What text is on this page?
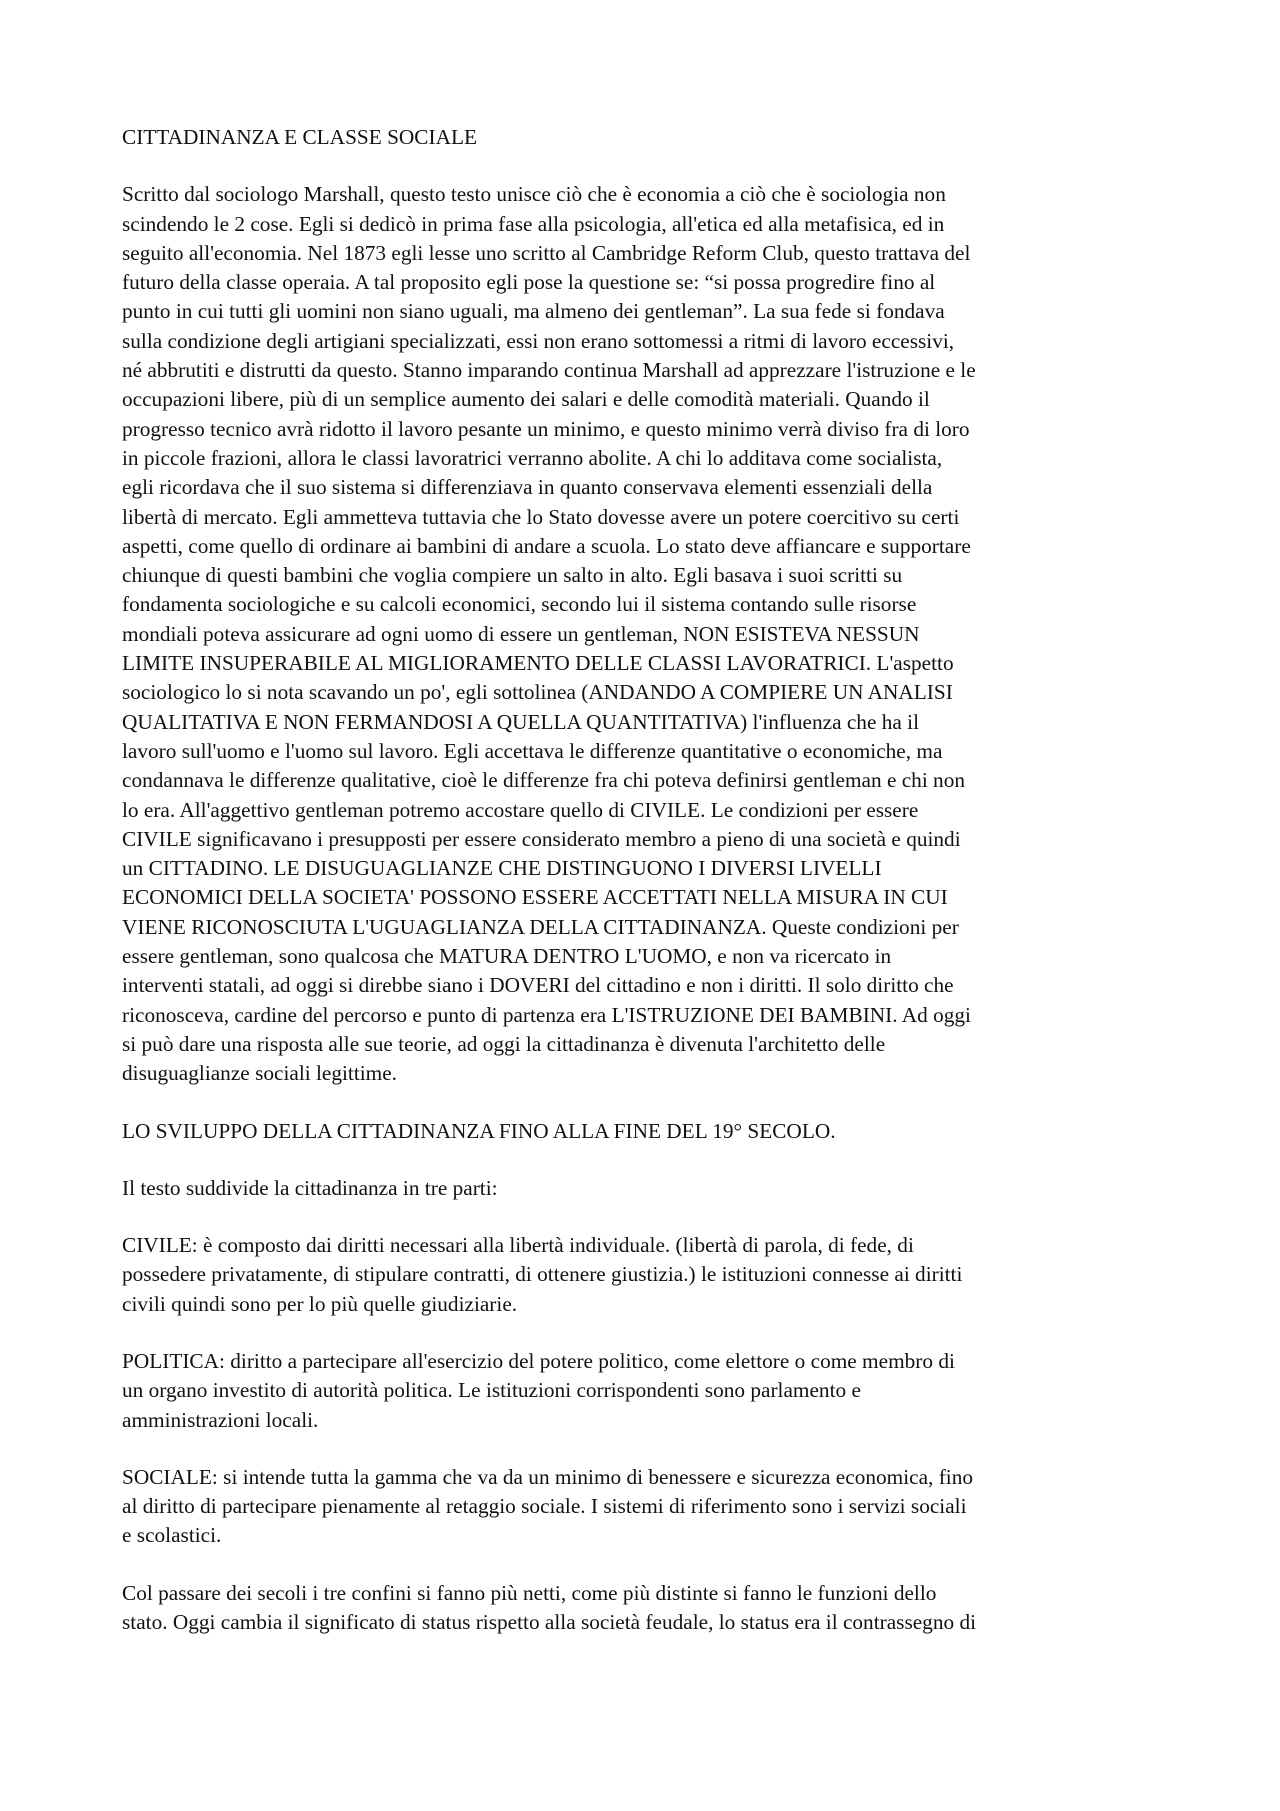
CITTADINANZA E CLASSE SOCIALE
Scritto dal sociologo Marshall, questo testo unisce ciò che è economia a ciò che è sociologia non
scindendo le 2 cose. Egli si dedicò in prima fase alla psicologia, all'etica ed alla metafisica, ed in
seguito all'economia. Nel 1873 egli lesse uno scritto al Cambridge Reform Club, questo trattava del
futuro della classe operaia. A tal proposito egli pose la questione se: “si possa progredire fino al
punto in cui tutti gli uomini non siano uguali, ma almeno dei gentleman”. La sua fede si fondava
sulla condizione degli artigiani specializzati, essi non erano sottomessi a ritmi di lavoro eccessivi,
né abbrutiti e distrutti da questo. Stanno imparando continua Marshall ad apprezzare l'istruzione e le
occupazioni libere, più di un semplice aumento dei salari e delle comodità materiali. Quando il
progresso tecnico avrà ridotto il lavoro pesante un minimo, e questo minimo verrà diviso fra di loro
in piccole frazioni, allora le classi lavoratrici verranno abolite. A chi lo additava come socialista,
egli ricordava che il suo sistema si differenziava in quanto conservava elementi essenziali della
libertà di mercato. Egli ammetteva tuttavia che lo Stato dovesse avere un potere coercitivo su certi
aspetti, come quello di ordinare ai bambini di andare a scuola. Lo stato deve affiancare e supportare
chiunque di questi bambini che voglia compiere un salto in alto. Egli basava i suoi scritti su
fondamenta sociologiche e su calcoli economici, secondo lui il sistema contando sulle risorse
mondiali poteva assicurare ad ogni uomo di essere un gentleman, NON ESISTEVA NESSUN
LIMITE INSUPERABILE AL MIGLIORAMENTO DELLE CLASSI LAVORATRICI. L'aspetto
sociologico lo si nota scavando un po', egli sottolinea (ANDANDO A COMPIERE UN ANALISI
QUALITATIVA E NON FERMANDOSI A QUELLA QUANTITATIVA) l'influenza che ha il
lavoro sull'uomo e l'uomo sul lavoro. Egli accettava le differenze quantitative o economiche, ma
condannava le differenze qualitative, cioè le differenze fra chi poteva definirsi gentleman e chi non
lo era. All'aggettivo gentleman potremo accostare quello di CIVILE. Le condizioni per essere
CIVILE significavano i presupposti per essere considerato membro a pieno di una società e quindi
un CITTADINO. LE DISUGUAGLIANZE CHE DISTINGUONO I DIVERSI LIVELLI
ECONOMICI DELLA SOCIETA' POSSONO ESSERE ACCETTATI NELLA MISURA IN CUI
VIENE RICONOSCIUTA L'UGUAGLIANZA DELLA CITTADINANZA. Queste condizioni per
essere gentleman, sono qualcosa che MATURA DENTRO L'UOMO, e non va ricercato in
interventi statali, ad oggi si direbbe siano i DOVERI del cittadino e non i diritti. Il solo diritto che
riconosceva, cardine del percorso e punto di partenza era L'ISTRUZIONE DEI BAMBINI. Ad oggi
si può dare una risposta alle sue teorie, ad oggi la cittadinanza è divenuta l'architetto delle
disuguaglianze sociali legittime.
LO SVILUPPO DELLA CITTADINANZA FINO ALLA FINE DEL 19° SECOLO.
Il testo suddivide la cittadinanza in tre parti:
CIVILE: è composto dai diritti necessari alla libertà individuale. (libertà di parola, di fede, di
possedere privatamente, di stipulare contratti, di ottenere giustizia.) le istituzioni connesse ai diritti
civili quindi sono per lo più quelle giudiziarie.
POLITICA: diritto a partecipare all'esercizio del potere politico, come elettore o come membro di
un organo investito di autorità politica. Le istituzioni corrispondenti sono parlamento e
amministrazioni locali.
SOCIALE: si intende tutta la gamma che va da un minimo di benessere e sicurezza economica, fino
al diritto di partecipare pienamente al retaggio sociale. I sistemi di riferimento sono i servizi sociali
e scolastici.
Col passare dei secoli i tre confini si fanno più netti, come più distinte si fanno le funzioni dello
stato. Oggi cambia il significato di status rispetto alla società feudale, lo status era il contrassegno di
